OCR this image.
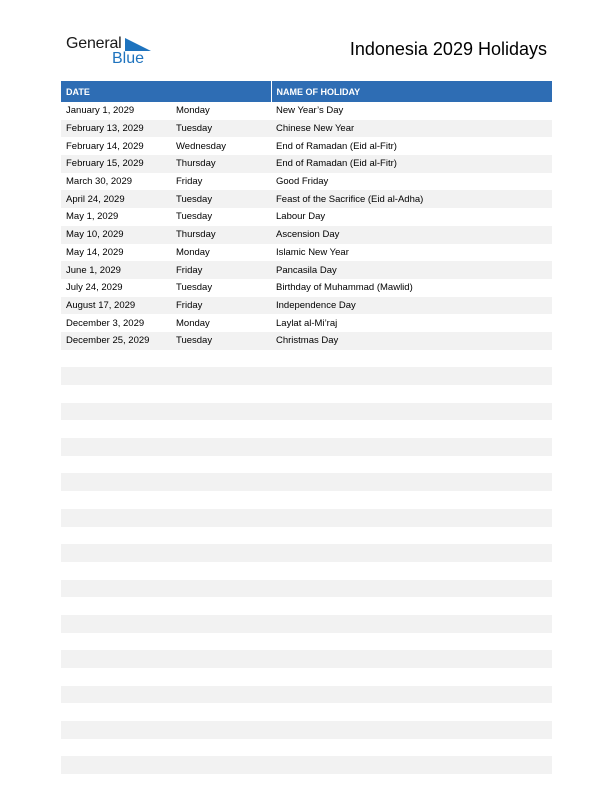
General
Blue	Indonesia 2029 Holidays
DATE		NAME OF HOLIDAY
January 1, 2029	Monday	New Year’s Day
February 13, 2029	Tuesday	Chinese New Year
February 14, 2029	Wednesday	End of Ramadan (Eid al-Fitr)
February 15, 2029	Thursday	End of Ramadan (Eid al-Fitr)
March 30, 2029	Friday	Good Friday
April 24, 2029	Tuesday	Feast of the Sacrifice (Eid al-Adha)
May 1, 2029	Tuesday	Labour Day
May 10, 2029	Thursday	Ascension Day
May 14, 2029	Monday	Islamic New Year
June 1, 2029	Friday	Pancasila Day
July 24, 2029	Tuesday	Birthday of Muhammad (Mawlid)
August 17, 2029	Friday	Independence Day
December 3, 2029	Monday	Laylat al-Mi’raj
December 25, 2029	Tuesday	Christmas Day
